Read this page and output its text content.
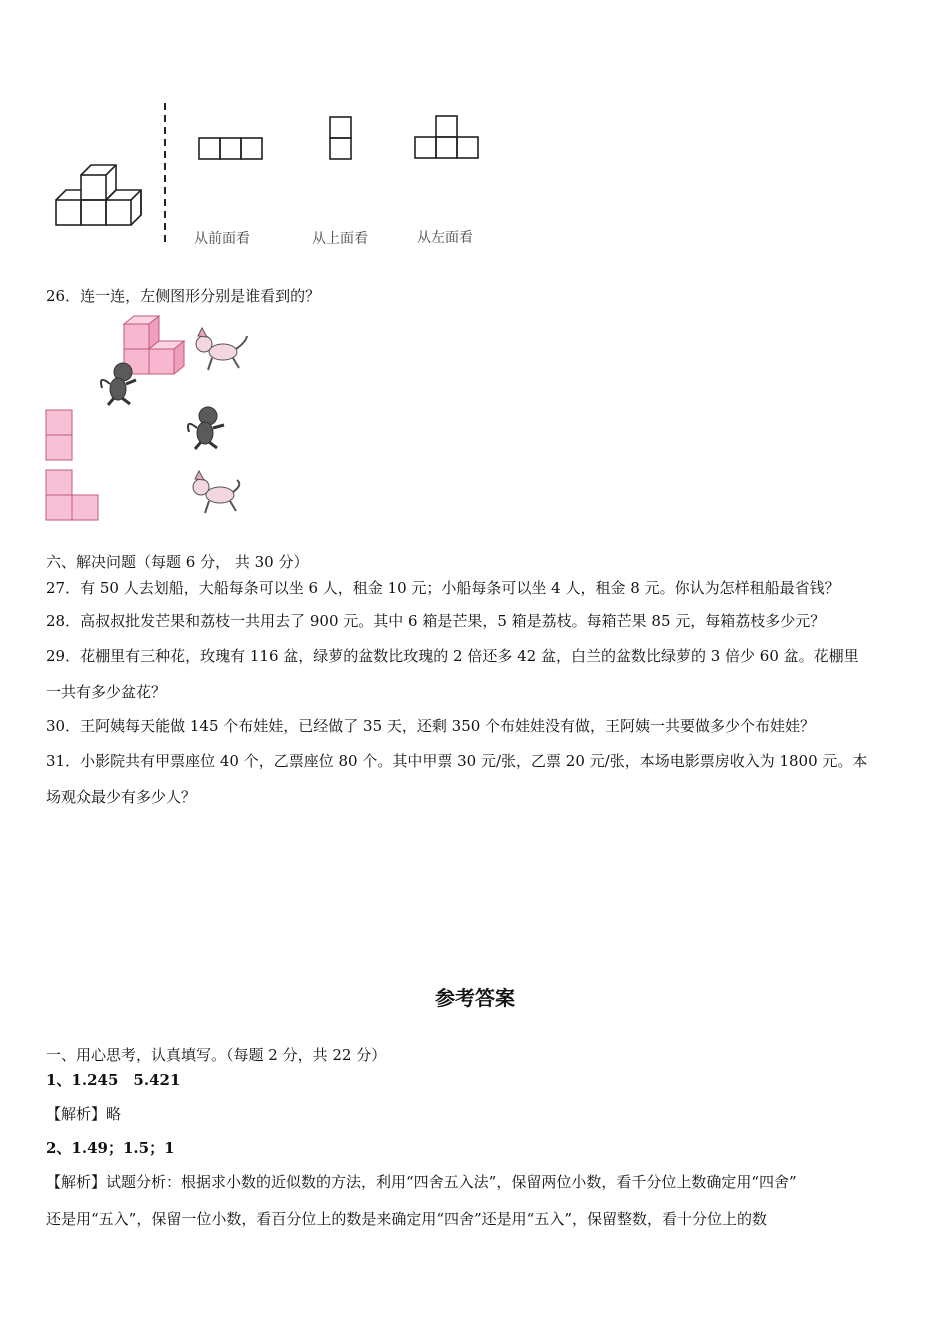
从前面看	从上面看	从左面看
26．连一连，左侧图形分别是谁看到的？
六、解决问题（每题 6 分， 共 30 分）
27．有 50 人去划船，大船每条可以坐 6 人，租金 10 元；小船每条可以坐 4 人，租金 8 元。你认为怎样租船最省钱？
28．高叔叔批发芒果和荔枝一共用去了 900 元。其中 6 箱是芒果，5 箱是荔枝。每箱芒果 85 元，每箱荔枝多少元？
29．花棚里有三种花，玫瑰有 116 盆，绿萝的盆数比玫瑰的 2 倍还多 42 盆，白兰的盆数比绿萝的 3 倍少 60 盆。花棚里
一共有多少盆花？
30．王阿姨每天能做 145 个布娃娃，已经做了 35 天，还剩 350 个布娃娃没有做，王阿姨一共要做多少个布娃娃？
31．小影院共有甲票座位 40 个，乙票座位 80 个。其中甲票 30 元/张，乙票 20 元/张，本场电影票房收入为 1800 元。本
场观众最少有多少人？
参考答案
一、用心思考，认真填写。（每题 2 分，共 22 分）
1、1.245　5.421
【解析】略
2、1.49；1.5；1
【解析】试题分析：根据求小数的近似数的方法，利用“四舍五入法”，保留两位小数，看千分位上数确定用“四舍”
还是用“五入”，保留一位小数，看百分位上的数是来确定用“四舍”还是用“五入”，保留整数，看十分位上的数
